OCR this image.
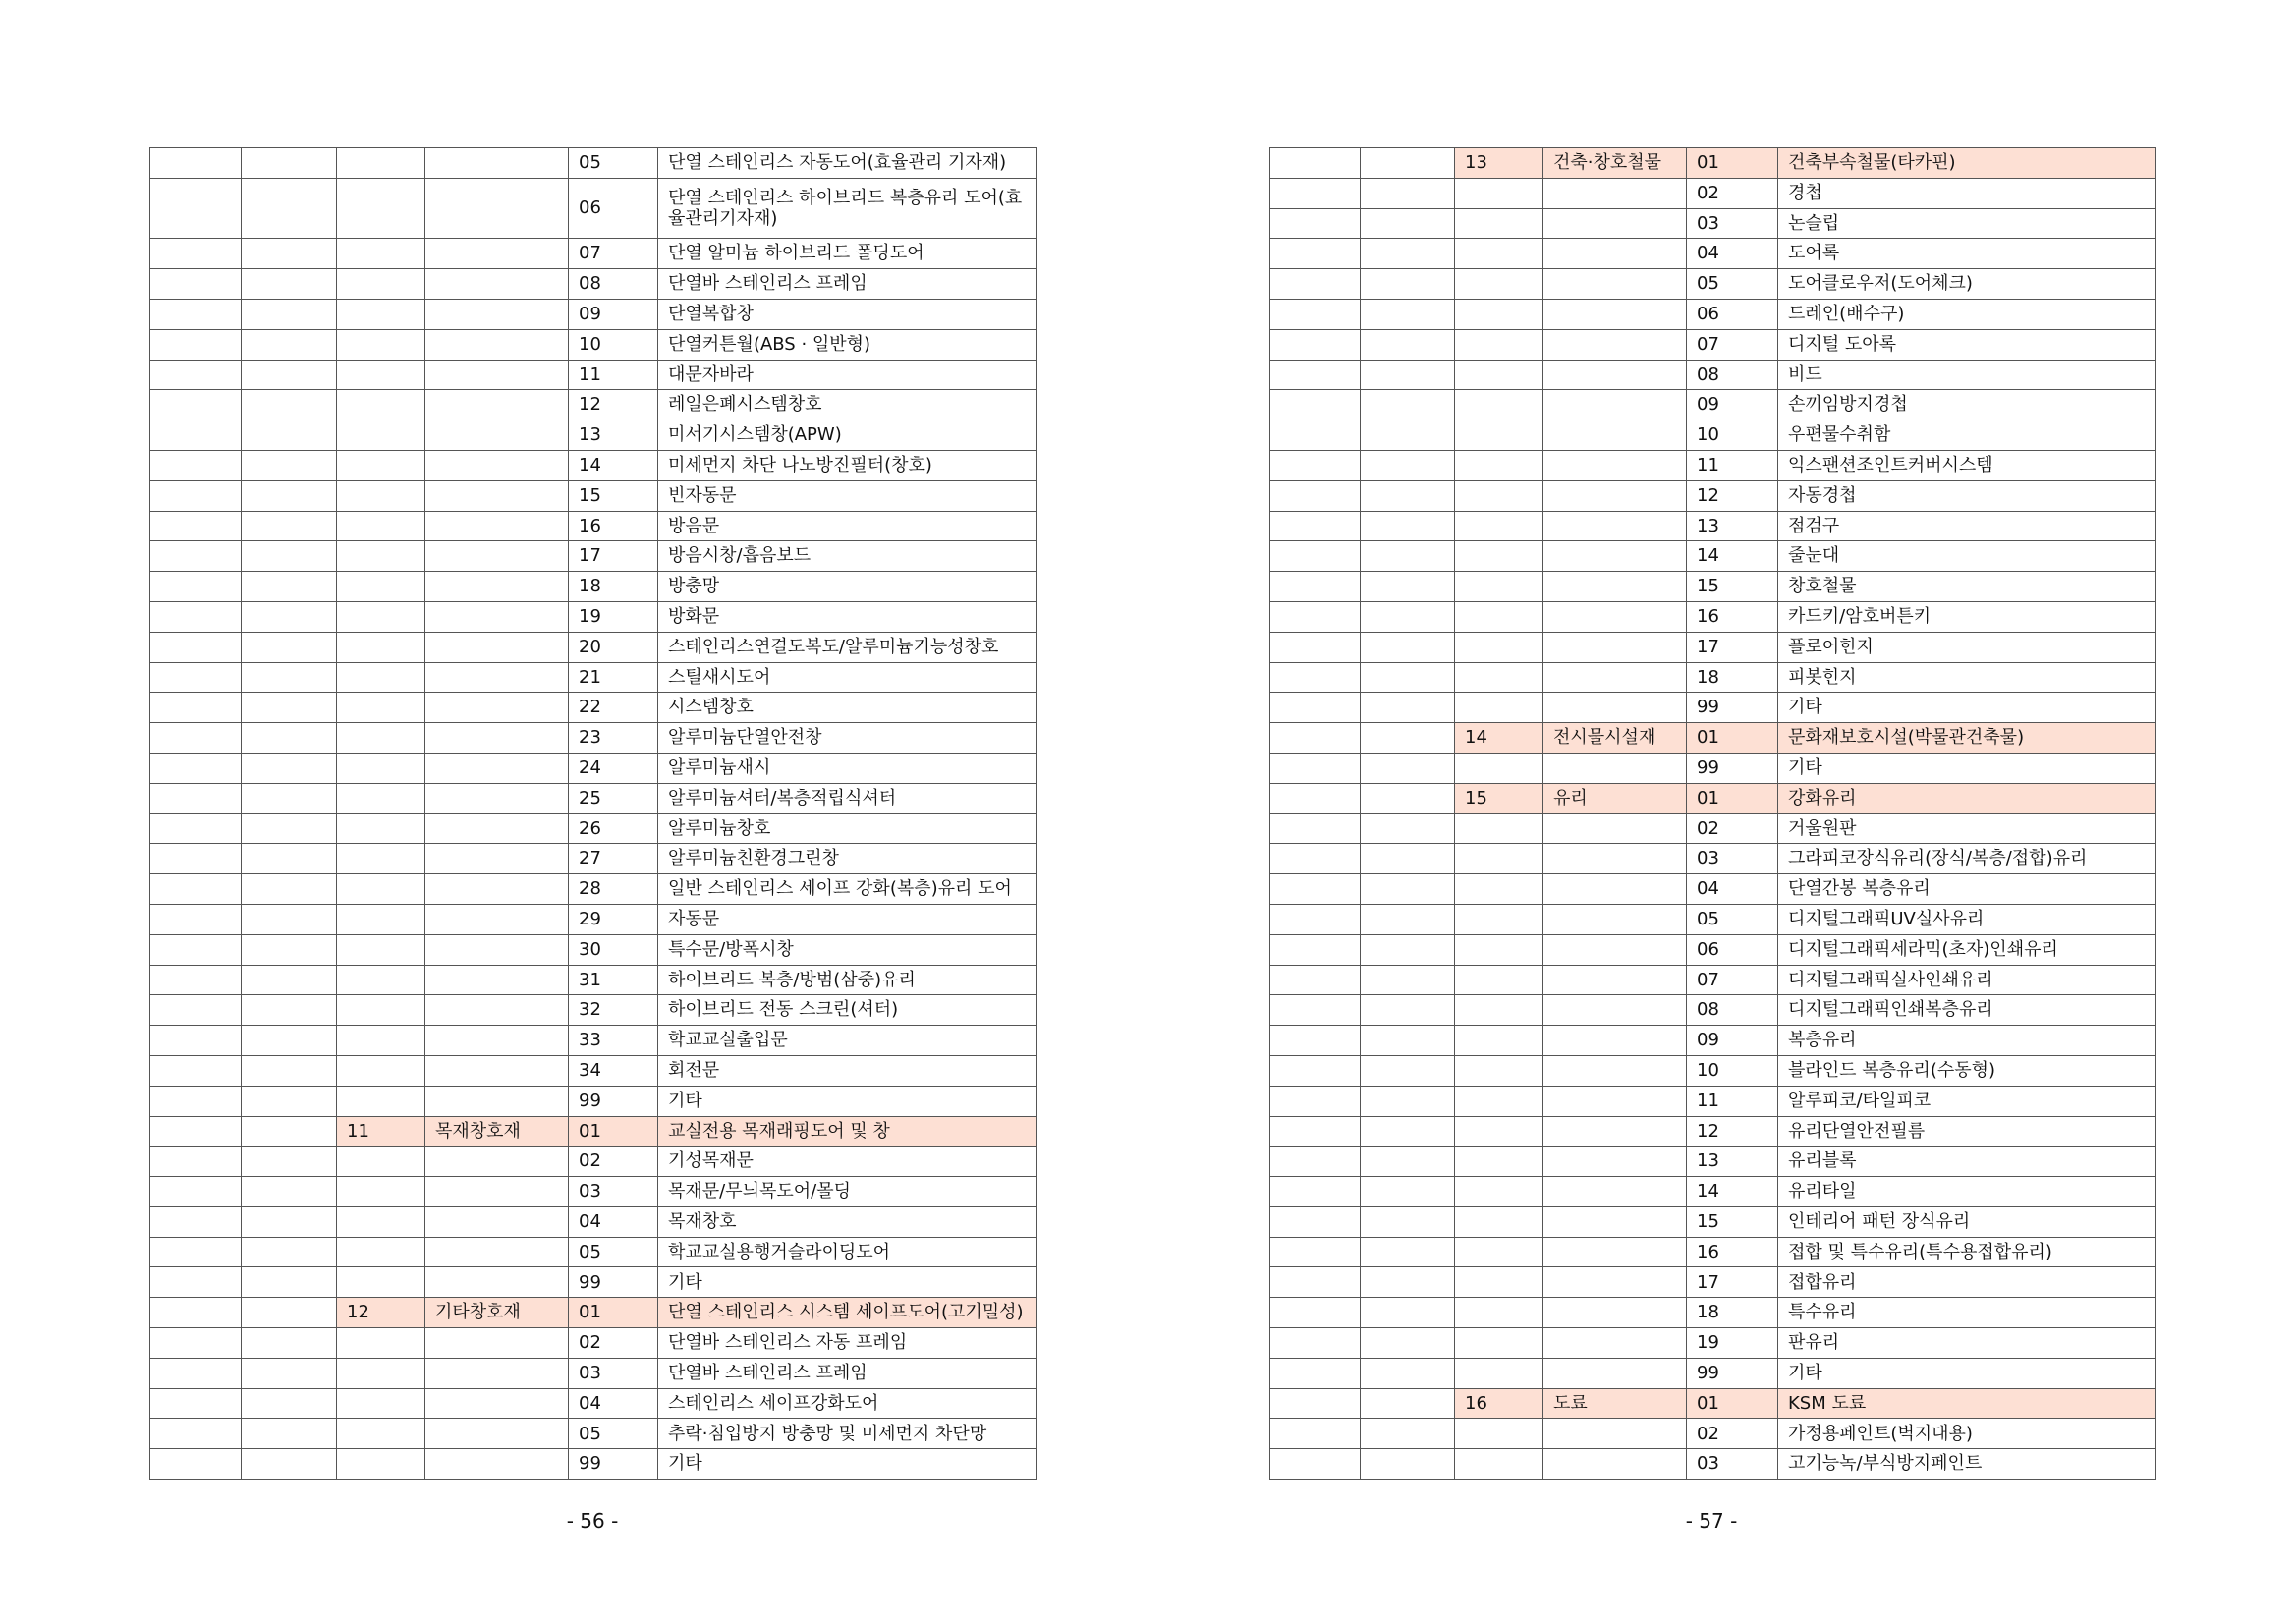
				05	단열 스테인리스 자동도어(효율관리 기자재)
				06	단열 스테인리스 하이브리드 복층유리 도어(효율관리기자재)
				07	단열 알미늄 하이브리드 폴딩도어
				08	단열바 스테인리스 프레임
				09	단열복합창
				10	단열커튼월(ABS · 일반형)
				11	대문자바라
				12	레일은폐시스템창호
				13	미서기시스템창(APW)
				14	미세먼지 차단 나노방진필터(창호)
				15	빈자동문
				16	방음문
				17	방음시창/흡음보드
				18	방충망
				19	방화문
				20	스테인리스연결도복도/알루미늄기능성창호
				21	스틸새시도어
				22	시스템창호
				23	알루미늄단열안전창
				24	알루미늄새시
				25	알루미늄셔터/복층적립식셔터
				26	알루미늄창호
				27	알루미늄친환경그린창
				28	일반 스테인리스 세이프 강화(복층)유리 도어
				29	자동문
				30	특수문/방폭시창
				31	하이브리드 복층/방범(삼중)유리
				32	하이브리드 전동 스크린(셔터)
				33	학교교실출입문
				34	회전문
				99	기타
		11	목재창호재	01	교실전용 목재래핑도어 및 창
				02	기성목재문
				03	목재문/무늬목도어/몰딩
				04	목재창호
				05	학교교실용행거슬라이딩도어
				99	기타
		12	기타창호재	01	단열 스테인리스 시스템 세이프도어(고기밀성)
				02	단열바 스테인리스 자동 프레임
				03	단열바 스테인리스 프레임
				04	스테인리스 세이프강화도어
				05	추락·침입방지 방충망 및 미세먼지 차단망
				99	기타
- 56 -
		13	건축·창호철물	01	건축부속철물(타카핀)
				02	경첩
				03	논슬립
				04	도어록
				05	도어클로우저(도어체크)
				06	드레인(배수구)
				07	디지털 도아록
				08	비드
				09	손끼임방지경첩
				10	우편물수취함
				11	익스팬션조인트커버시스템
				12	자동경첩
				13	점검구
				14	줄눈대
				15	창호철물
				16	카드키/암호버튼키
				17	플로어힌지
				18	피봇힌지
				99	기타
		14	전시물시설재	01	문화재보호시설(박물관건축물)
				99	기타
		15	유리	01	강화유리
				02	거울원판
				03	그라피코장식유리(장식/복층/접합)유리
				04	단열간봉 복층유리
				05	디지털그래픽UV실사유리
				06	디지털그래픽세라믹(초자)인쇄유리
				07	디지털그래픽실사인쇄유리
				08	디지털그래픽인쇄복층유리
				09	복층유리
				10	블라인드 복층유리(수동형)
				11	알루피코/타일피코
				12	유리단열안전필름
				13	유리블록
				14	유리타일
				15	인테리어 패턴 장식유리
				16	접합 및 특수유리(특수용접합유리)
				17	접합유리
				18	특수유리
				19	판유리
				99	기타
		16	도료	01	KSM 도료
				02	가정용페인트(벽지대용)
				03	고기능녹/부식방지페인트
- 57 -
